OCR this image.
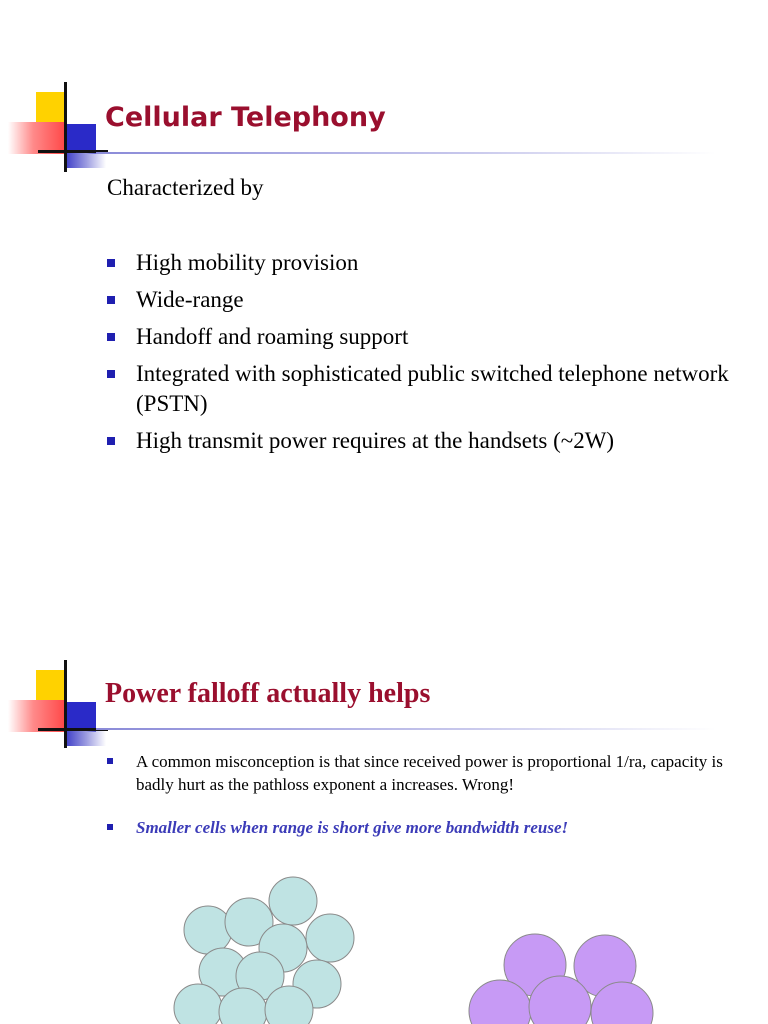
Cellular Telephony
Characterized by
High mobility provision
Wide-range
Handoff and roaming support
Integrated with sophisticated public switched telephone network (PSTN)
High transmit power requires at the handsets (~2W)
Power falloff actually helps
A common misconception is that since received power is proportional 1/ra, capacity is badly hurt as the pathloss exponent a increases. Wrong!
Smaller cells when range is short give more bandwidth reuse!
